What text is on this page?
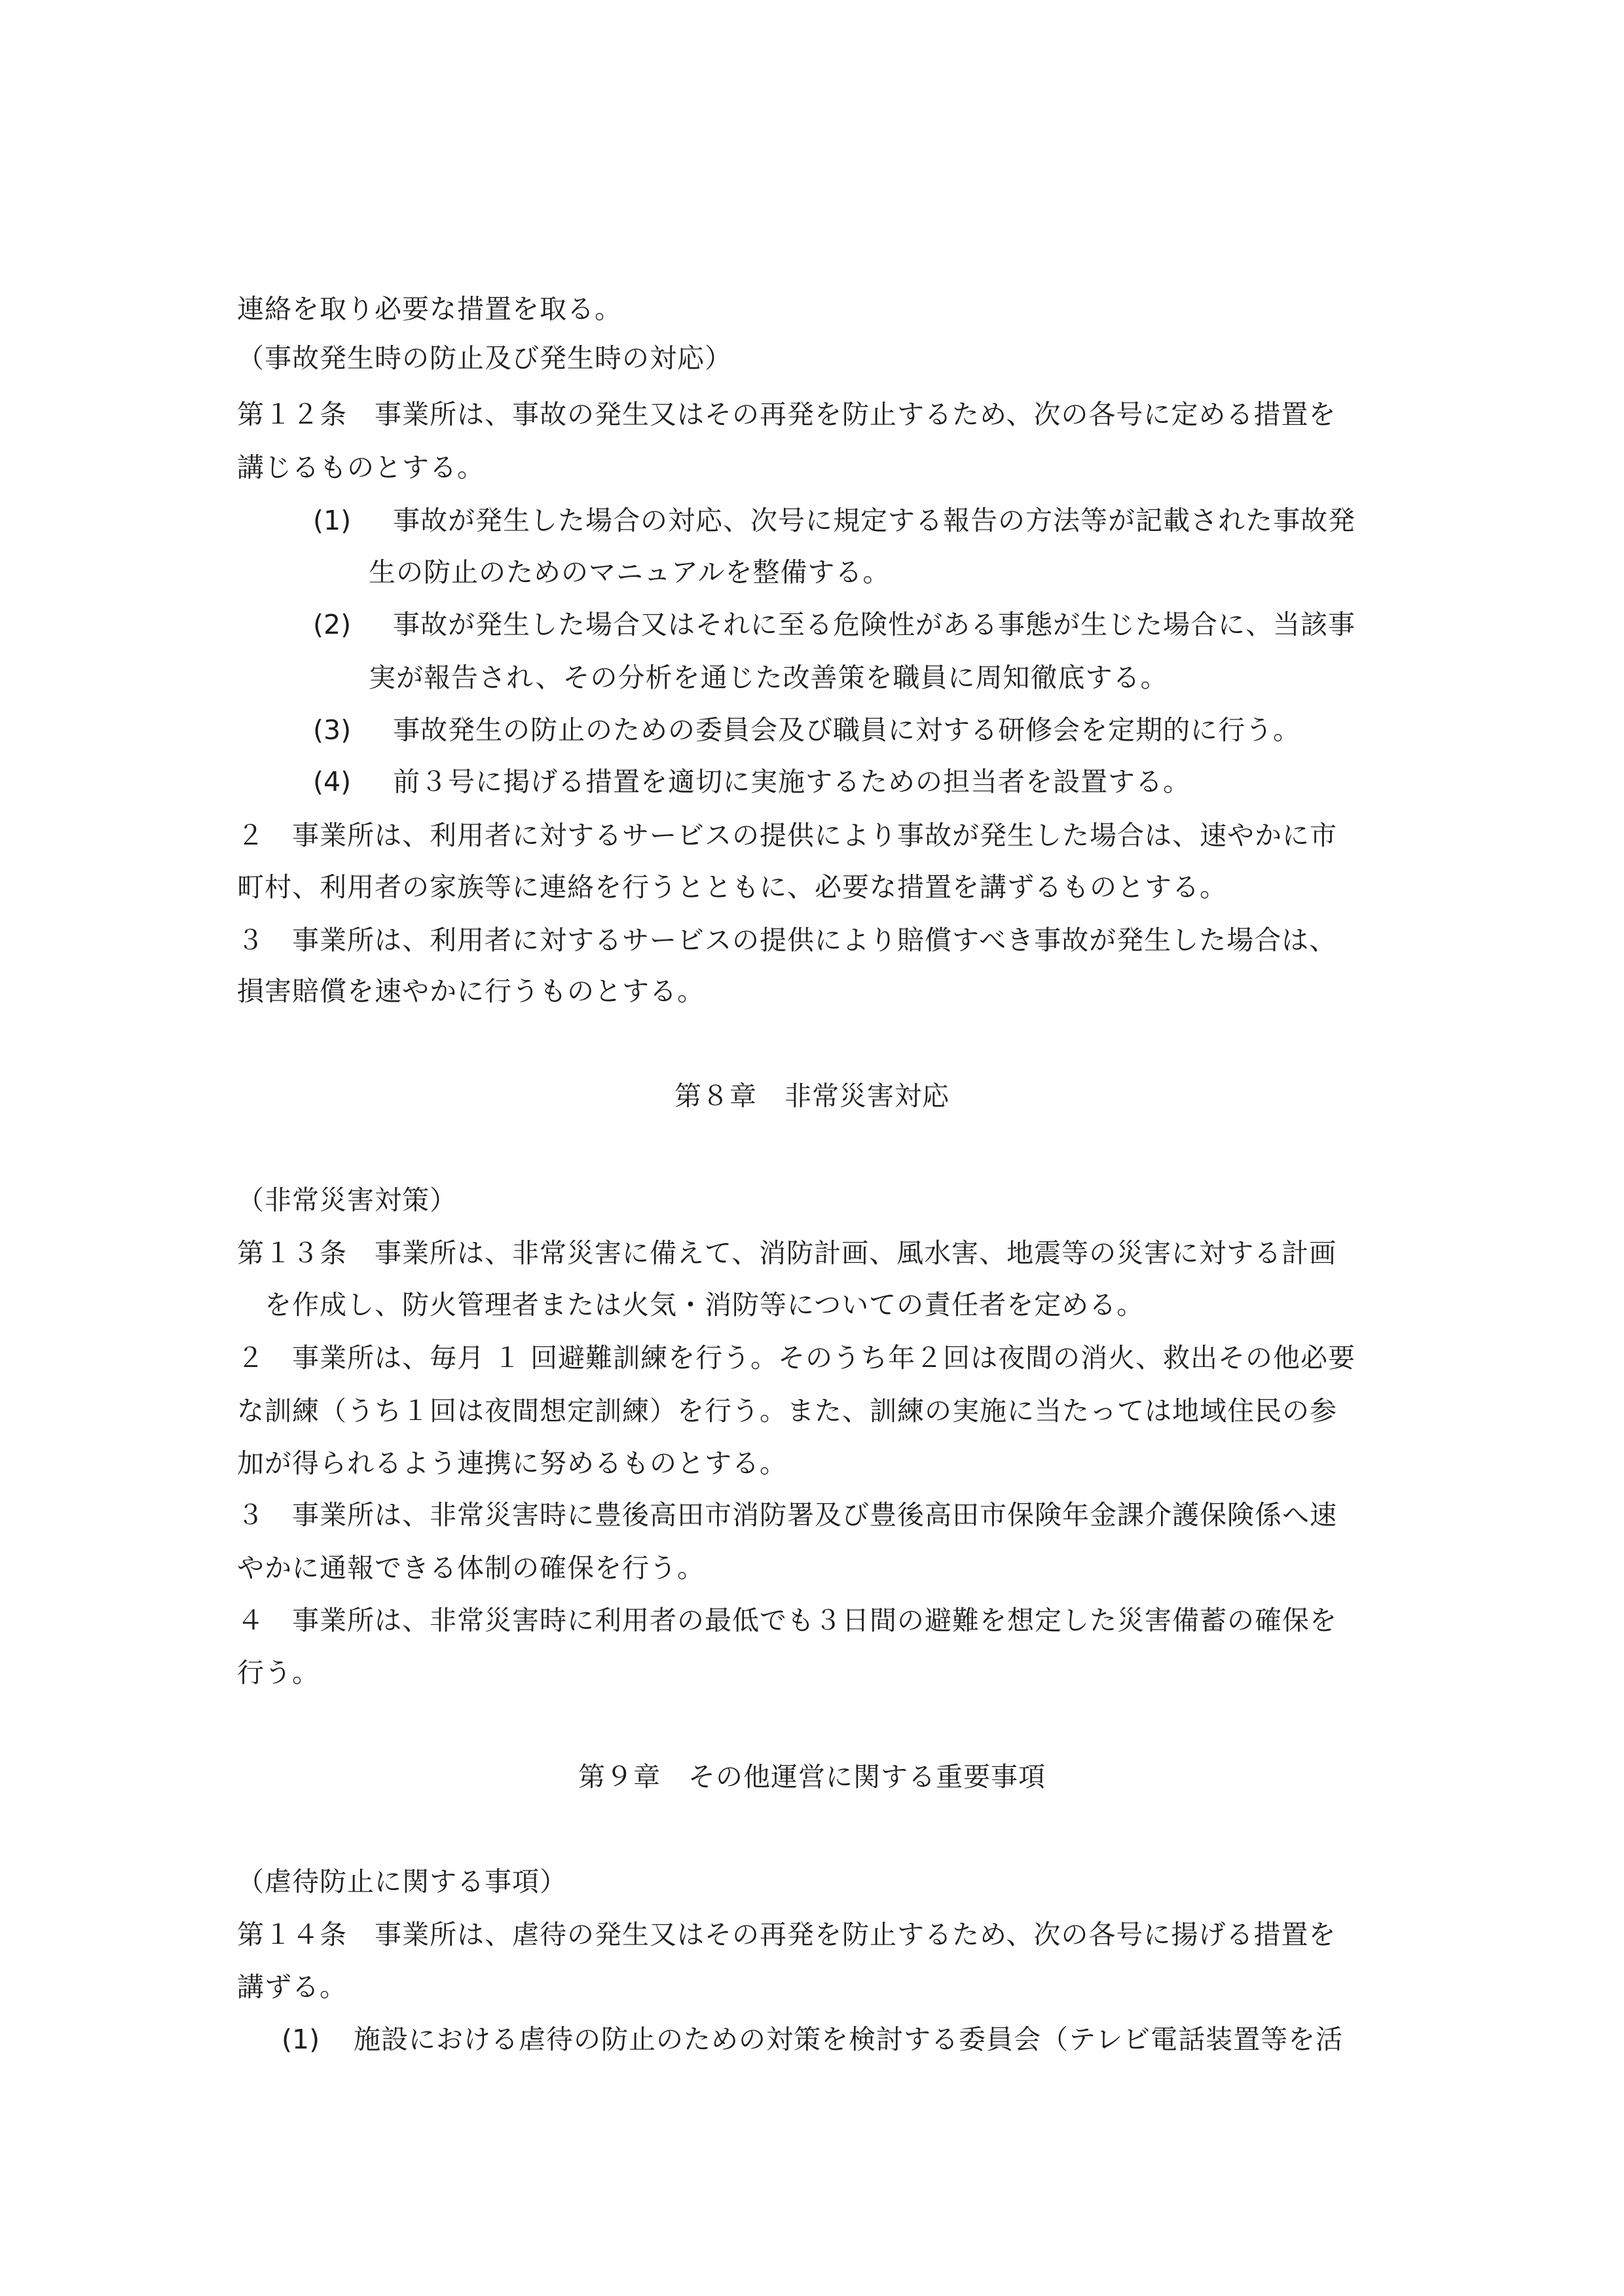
連絡を取り必要な措置を取る。
（事故発生時の防止及び発生時の対応）
第１２条　事業所は、事故の発生又はその再発を防止するため、次の各号に定める措置を
講じるものとする。
(1) 事故が発生した場合の対応、次号に規定する報告の方法等が記載された事故発
生の防止のためのマニュアルを整備する。
(2) 事故が発生した場合又はそれに至る危険性がある事態が生じた場合に、当該事
実が報告され、その分析を通じた改善策を職員に周知徹底する。
(3) 事故発生の防止のための委員会及び職員に対する研修会を定期的に行う。
(4) 前３号に掲げる措置を適切に実施するための担当者を設置する。
２　事業所は、利用者に対するサービスの提供により事故が発生した場合は、速やかに市
町村、利用者の家族等に連絡を行うとともに、必要な措置を講ずるものとする。
３　事業所は、利用者に対するサービスの提供により賠償すべき事故が発生した場合は、
損害賠償を速やかに行うものとする。
第８章　非常災害対応
（非常災害対策）
第１３条　事業所は、非常災害に備えて、消防計画、風水害、地震等の災害に対する計画
を作成し、防火管理者または火気・消防等についての責任者を定める。
２　事業所は、毎月 １ 回避難訓練を行う。そのうち年２回は夜間の消火、救出その他必要
な訓練（うち１回は夜間想定訓練）を行う。また、訓練の実施に当たっては地域住民の参
加が得られるよう連携に努めるものとする。
３　事業所は、非常災害時に豊後高田市消防署及び豊後高田市保険年金課介護保険係へ速
やかに通報できる体制の確保を行う。
４　事業所は、非常災害時に利用者の最低でも３日間の避難を想定した災害備蓄の確保を
行う。
第９章　その他運営に関する重要事項
（虐待防止に関する事項）
第１４条　事業所は、虐待の発生又はその再発を防止するため、次の各号に揚げる措置を
講ずる。
(1) 施設における虐待の防止のための対策を検討する委員会（テレビ電話装置等を活
